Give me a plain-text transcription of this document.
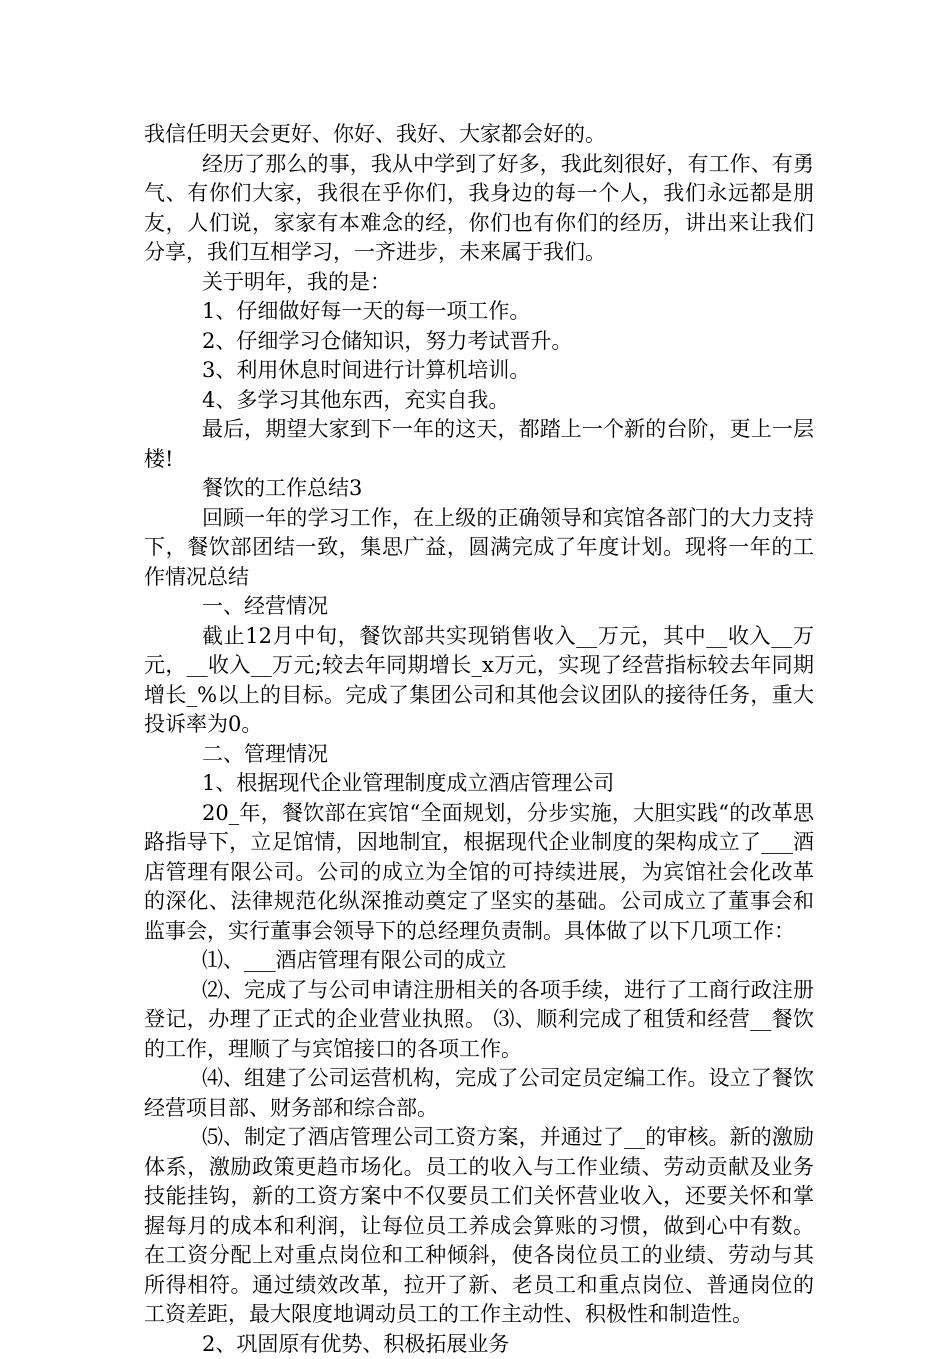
我信任明天会更好、你好、我好、大家都会好的。

经历了那么的事，我从中学到了好多，我此刻很好，有工作、有勇气、有你们大家，我很在乎你们，我身边的每一个人，我们永远都是朋友，人们说，家家有本难念的经，你们也有你们的经历，讲出来让我们分享，我们互相学习，一齐进步，未来属于我们。

关于明年，我的是：

1、仔细做好每一天的每一项工作。

2、仔细学习仓储知识，努力考试晋升。

3、利用休息时间进行计算机培训。

4、多学习其他东西，充实自我。

最后，期望大家到下一年的这天，都踏上一个新的台阶，更上一层楼!

餐饮的工作总结3

回顾一年的学习工作，在上级的正确领导和宾馆各部门的大力支持下，餐饮部团结一致，集思广益，圆满完成了年度计划。现将一年的工作情况总结

一、经营情况

截止12月中旬，餐饮部共实现销售收入__万元，其中__收入__万元，__收入__万元;较去年同期增长_x万元，实现了经营指标较去年同期增长_%以上的目标。完成了集团公司和其他会议团队的接待任务，重大投诉率为0。

二、管理情况

1、根据现代企业管理制度成立酒店管理公司

20_年，餐饮部在宾馆“全面规划，分步实施，大胆实践“的改革思路指导下，立足馆情，因地制宜，根据现代企业制度的架构成立了___酒店管理有限公司。公司的成立为全馆的可持续进展，为宾馆社会化改革的深化、法律规范化纵深推动奠定了坚实的基础。公司成立了董事会和监事会，实行董事会领导下的总经理负责制。具体做了以下几项工作：

⑴、___酒店管理有限公司的成立

⑵、完成了与公司申请注册相关的各项手续，进行了工商行政注册登记，办理了正式的企业营业执照。 ⑶、顺利完成了租赁和经营__餐饮的工作，理顺了与宾馆接口的各项工作。

⑷、组建了公司运营机构，完成了公司定员定编工作。设立了餐饮经营项目部、财务部和综合部。

⑸、制定了酒店管理公司工资方案，并通过了__的审核。新的激励体系，激励政策更趋市场化。员工的收入与工作业绩、劳动贡献及业务技能挂钩，新的工资方案中不仅要员工们关怀营业收入，还要关怀和掌握每月的成本和利润，让每位员工养成会算账的习惯，做到心中有数。在工资分配上对重点岗位和工种倾斜，使各岗位员工的业绩、劳动与其所得相符。通过绩效改革，拉开了新、老员工和重点岗位、普通岗位的工资差距，最大限度地调动员工的工作主动性、积极性和制造性。

2、巩固原有优势、积极拓展业务
